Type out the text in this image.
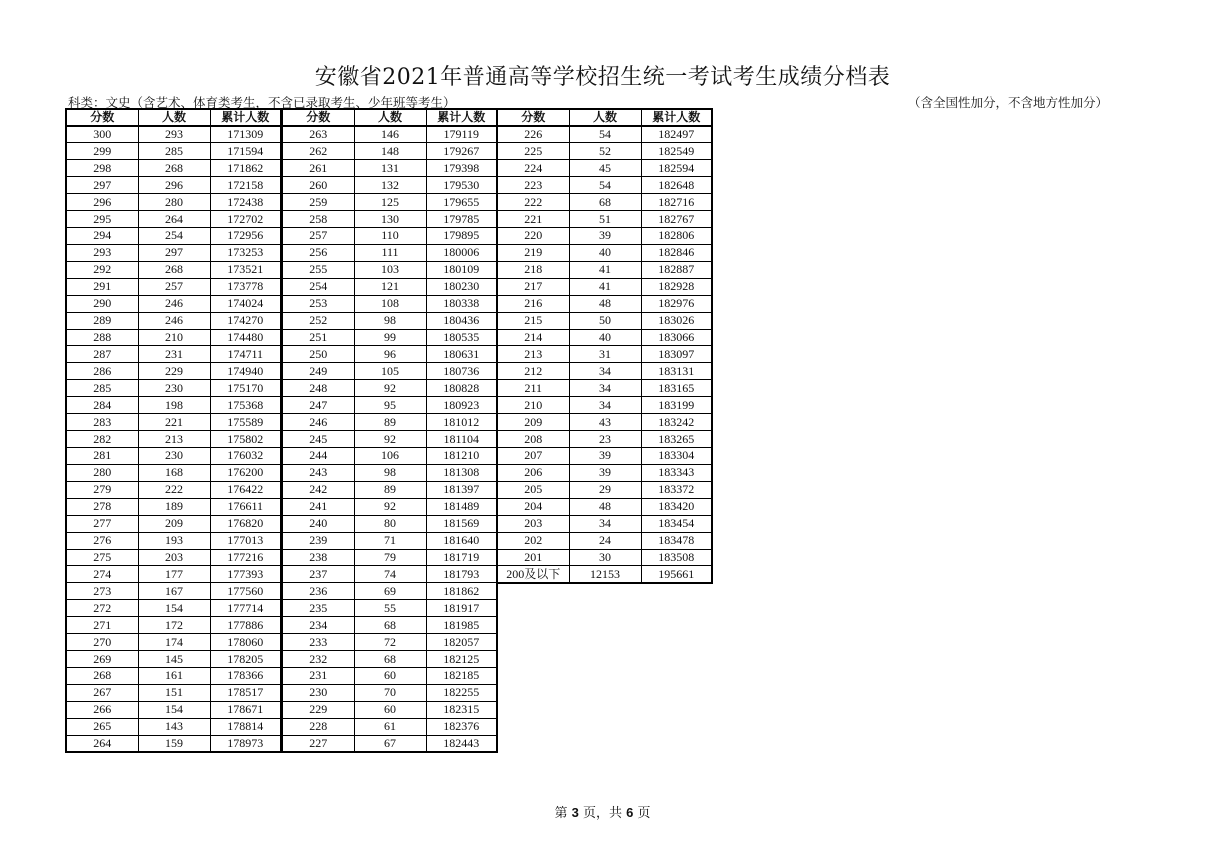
安徽省2021年普通高等学校招生统一考试考生成绩分档表
科类：文史（含艺术、体育类考生，不含已录取考生、少年班等考生）	（含全国性加分，不含地方性加分）
分数	人数	累计人数
300	293	171309
299	285	171594
298	268	171862
297	296	172158
296	280	172438
295	264	172702
294	254	172956
293	297	173253
292	268	173521
291	257	173778
290	246	174024
289	246	174270
288	210	174480
287	231	174711
286	229	174940
285	230	175170
284	198	175368
283	221	175589
282	213	175802
281	230	176032
280	168	176200
279	222	176422
278	189	176611
277	209	176820
276	193	177013
275	203	177216
274	177	177393
273	167	177560
272	154	177714
271	172	177886
270	174	178060
269	145	178205
268	161	178366
267	151	178517
266	154	178671
265	143	178814
264	159	178973
分数	人数	累计人数
263	146	179119
262	148	179267
261	131	179398
260	132	179530
259	125	179655
258	130	179785
257	110	179895
256	111	180006
255	103	180109
254	121	180230
253	108	180338
252	98	180436
251	99	180535
250	96	180631
249	105	180736
248	92	180828
247	95	180923
246	89	181012
245	92	181104
244	106	181210
243	98	181308
242	89	181397
241	92	181489
240	80	181569
239	71	181640
238	79	181719
237	74	181793
236	69	181862
235	55	181917
234	68	181985
233	72	182057
232	68	182125
231	60	182185
230	70	182255
229	60	182315
228	61	182376
227	67	182443
分数	人数	累计人数
226	54	182497
225	52	182549
224	45	182594
223	54	182648
222	68	182716
221	51	182767
220	39	182806
219	40	182846
218	41	182887
217	41	182928
216	48	182976
215	50	183026
214	40	183066
213	31	183097
212	34	183131
211	34	183165
210	34	183199
209	43	183242
208	23	183265
207	39	183304
206	39	183343
205	29	183372
204	48	183420
203	34	183454
202	24	183478
201	30	183508
200及以下	12153	195661
第 3 页，共 6 页
